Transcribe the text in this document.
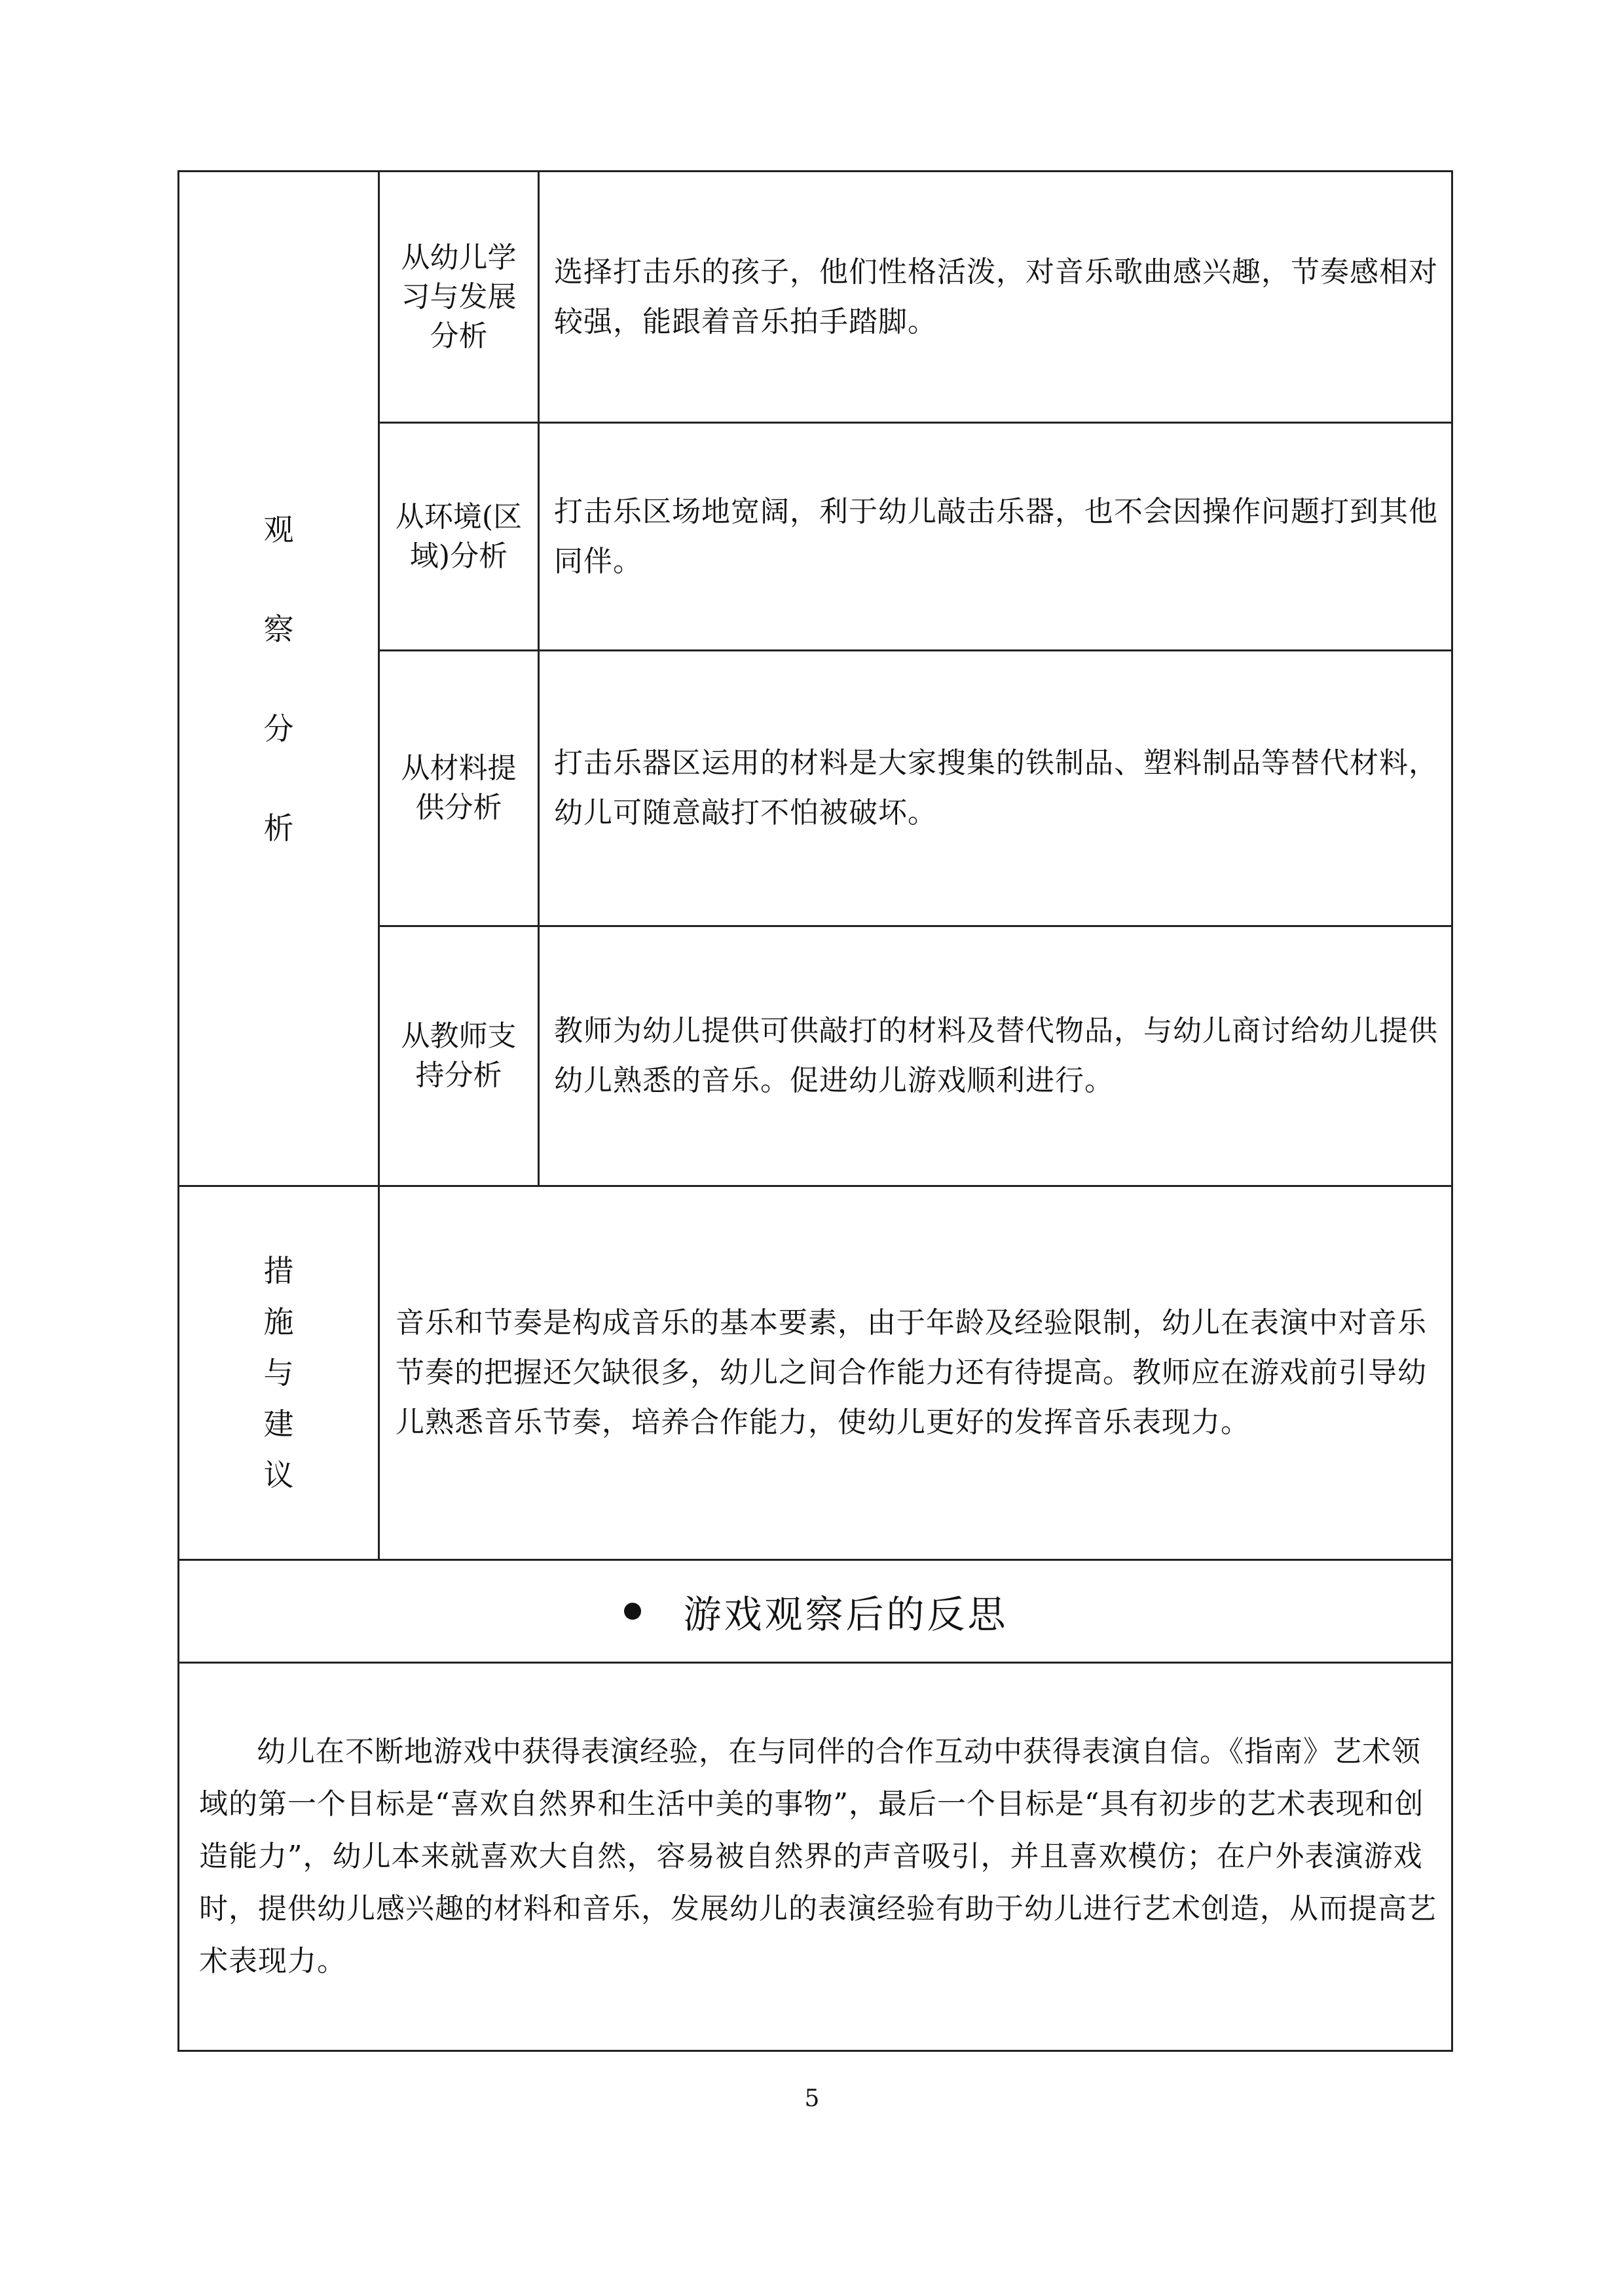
观
察
分
析
从幼儿学
习与发展
分析
选择打击乐的孩子，他们性格活泼，对音乐歌曲感兴趣，节奏感相对较强，能跟着音乐拍手踏脚。
从环境(区
域)分析
打击乐区场地宽阔，利于幼儿敲击乐器，也不会因操作问题打到其他同伴。
从材料提
供分析
打击乐器区运用的材料是大家搜集的铁制品、塑料制品等替代材料，幼儿可随意敲打不怕被破坏。
从教师支
持分析
教师为幼儿提供可供敲打的材料及替代物品，与幼儿商讨给幼儿提供幼儿熟悉的音乐。促进幼儿游戏顺利进行。
措
施
与
建
议
音乐和节奏是构成音乐的基本要素，由于年龄及经验限制，幼儿在表演中对音乐节奏的把握还欠缺很多，幼儿之间合作能力还有待提高。教师应在游戏前引导幼儿熟悉音乐节奏，培养合作能力，使幼儿更好的发挥音乐表现力。
游戏观察后的反思
幼儿在不断地游戏中获得表演经验，在与同伴的合作互动中获得表演自信。《指南》艺术领域的第一个目标是“喜欢自然界和生活中美的事物”，最后一个目标是“具有初步的艺术表现和创造能力”，幼儿本来就喜欢大自然，容易被自然界的声音吸引，并且喜欢模仿；在户外表演游戏时，提供幼儿感兴趣的材料和音乐，发展幼儿的表演经验有助于幼儿进行艺术创造，从而提高艺术表现力。
5
